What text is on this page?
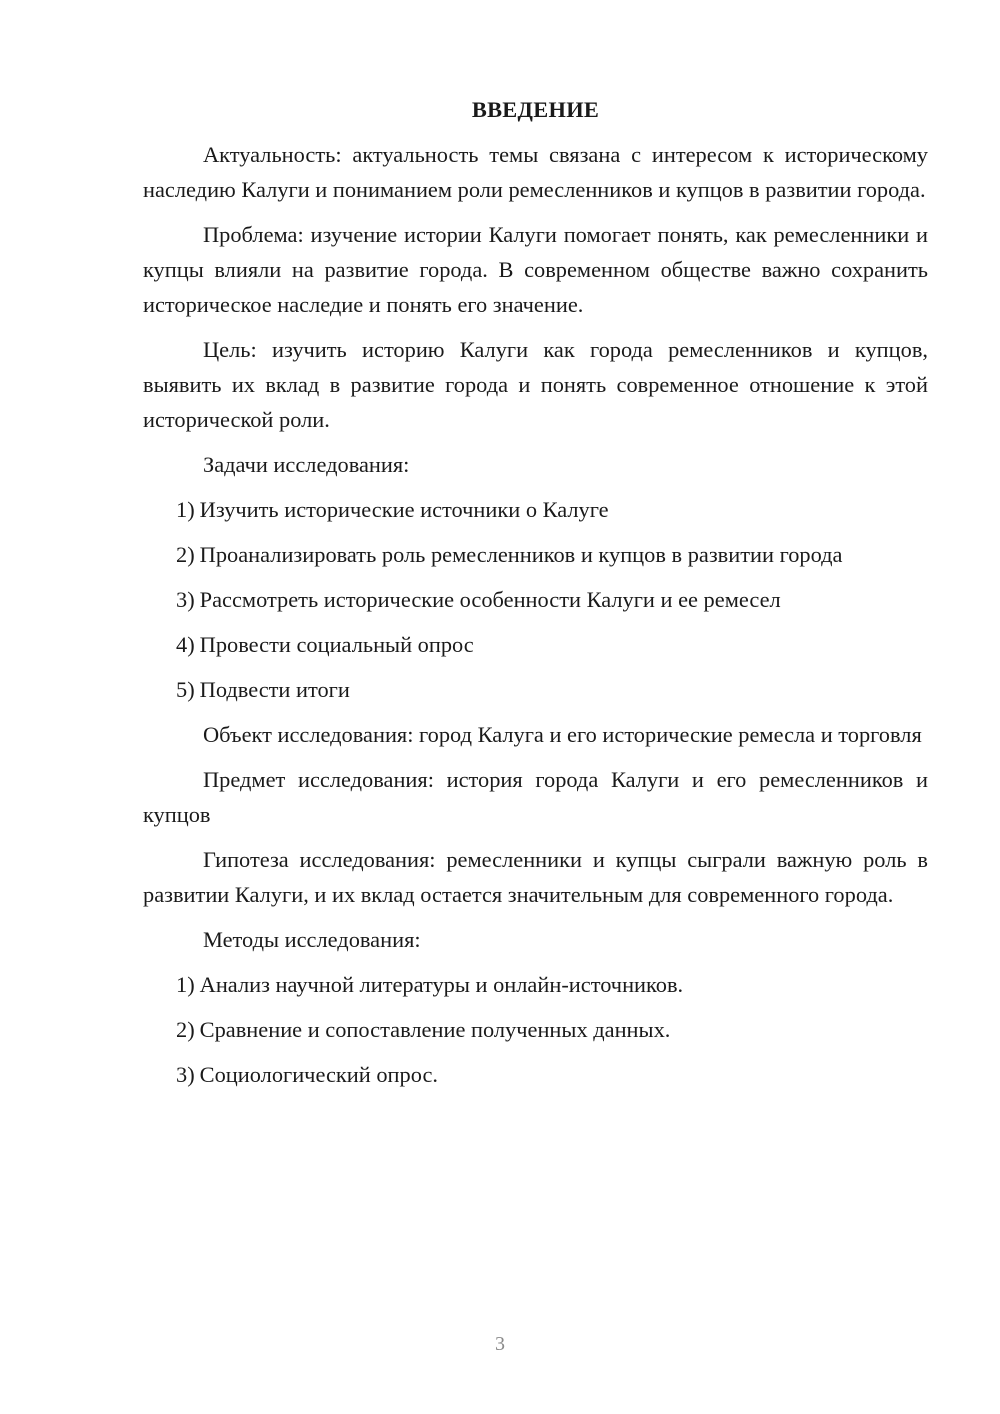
ВВЕДЕНИЕ
Актуальность: актуальность темы связана с интересом к историческому наследию Калуги и пониманием роли ремесленников и купцов в развитии города.
Проблема: изучение истории Калуги помогает понять, как ремесленники и купцы влияли на развитие города. В современном обществе важно сохранить историческое наследие и понять его значение.
Цель: изучить историю Калуги как города ремесленников и купцов, выявить их вклад в развитие города и понять современное отношение к этой исторической роли.
Задачи исследования:
1) Изучить исторические источники о Калуге
2) Проанализировать роль ремесленников и купцов в развитии города
3) Рассмотреть исторические особенности Калуги и ее ремесел
4) Провести социальный опрос
5) Подвести итоги
Объект исследования: город Калуга и его исторические ремесла и торговля
Предмет исследования: история города Калуги и его ремесленников и купцов
Гипотеза исследования: ремесленники и купцы сыграли важную роль в развитии Калуги, и их вклад остается значительным для современного города.
Методы исследования:
1) Анализ научной литературы и онлайн-источников.
2) Сравнение и сопоставление полученных данных.
3) Социологический опрос.
3
